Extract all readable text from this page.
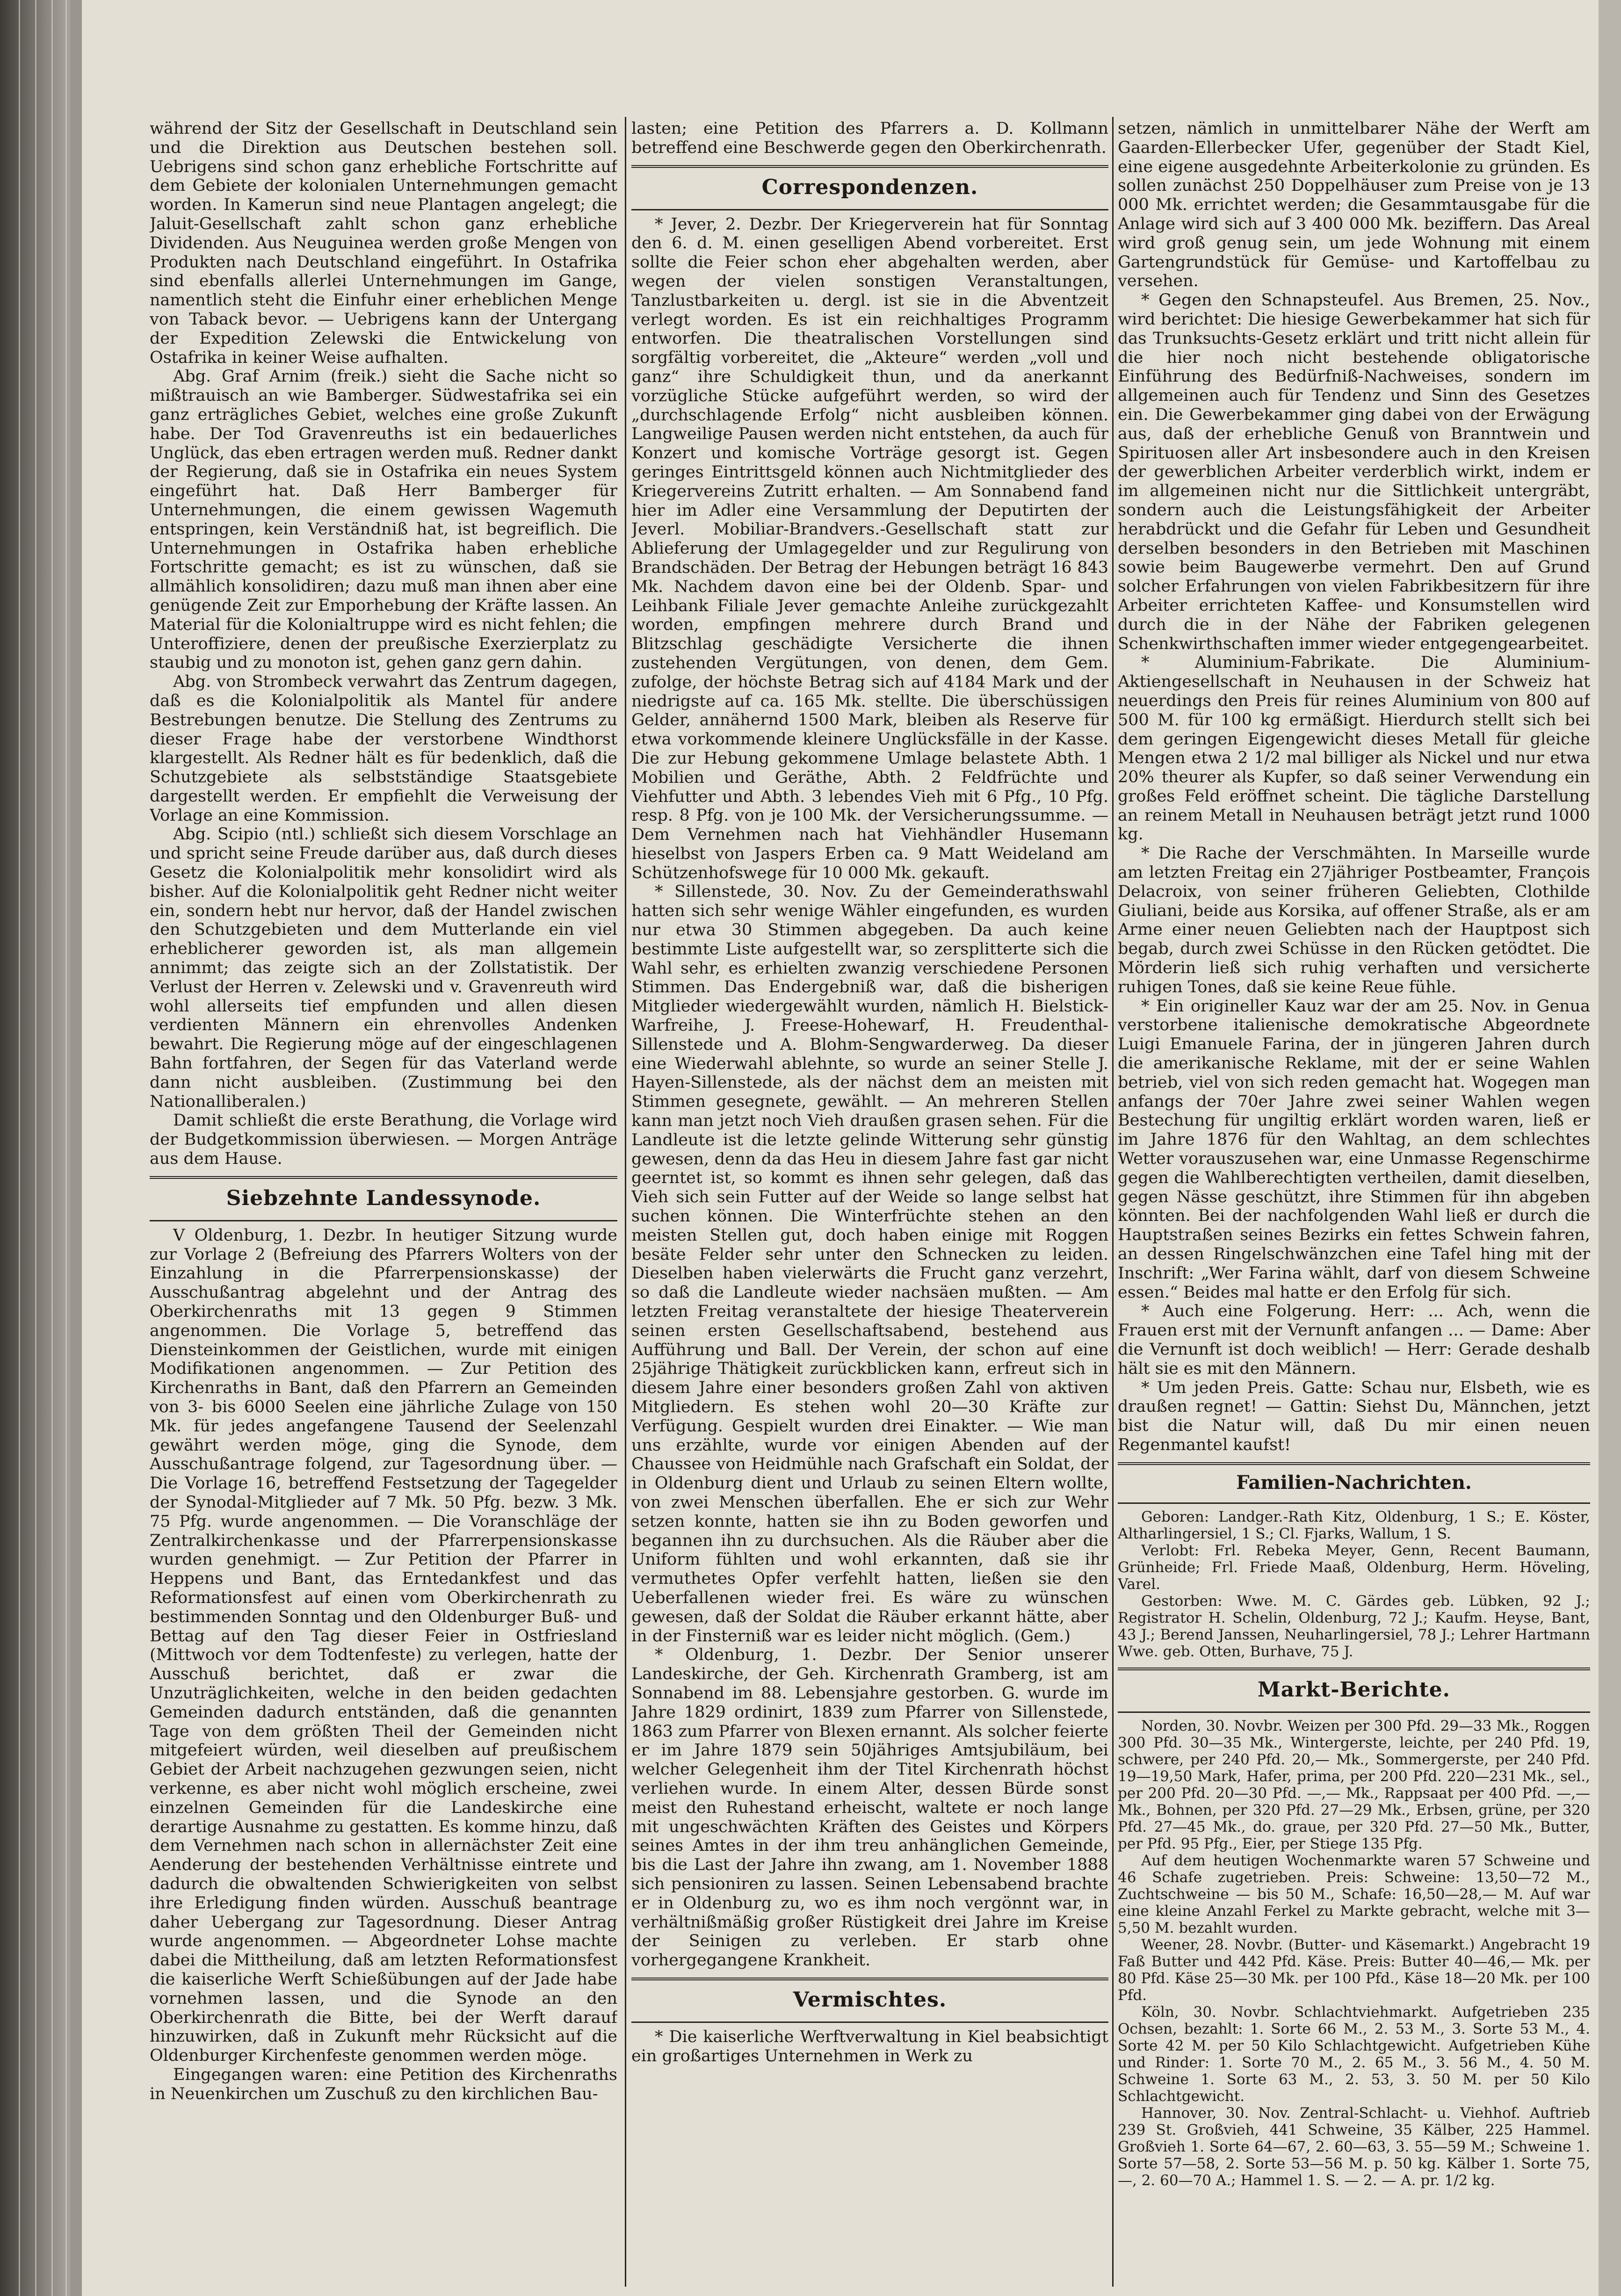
während der Sitz der Gesellschaft in Deutschland sein und die Direktion aus Deutschen bestehen soll. Uebrigens sind schon ganz erhebliche Fortschritte auf dem Gebiete der kolonialen Unternehmungen gemacht worden. In Kamerun sind neue Plantagen angelegt; die Jaluit-Gesellschaft zahlt schon ganz erhebliche Dividenden. Aus Neuguinea werden große Mengen von Produkten nach Deutschland eingeführt. In Ostafrika sind ebenfalls allerlei Unternehmungen im Gange, namentlich steht die Einfuhr einer erheblichen Menge von Taback bevor. — Uebrigens kann der Untergang der Expedition Zelewski die Entwickelung von Ostafrika in keiner Weise aufhalten.

Abg. Graf Arnim (freik.) sieht die Sache nicht so mißtrauisch an wie Bamberger. Südwestafrika sei ein ganz erträgliches Gebiet, welches eine große Zukunft habe. Der Tod Gravenreuths ist ein bedauerliches Unglück, das eben ertragen werden muß. Redner dankt der Regierung, daß sie in Ostafrika ein neues System eingeführt hat. Daß Herr Bamberger für Unternehmungen, die einem gewissen Wagemuth entspringen, kein Verständniß hat, ist begreiflich. Die Unternehmungen in Ostafrika haben erhebliche Fortschritte gemacht; es ist zu wünschen, daß sie allmählich konsolidiren; dazu muß man ihnen aber eine genügende Zeit zur Emporhebung der Kräfte lassen. An Material für die Kolonialtruppe wird es nicht fehlen; die Unteroffiziere, denen der preußische Exerzierplatz zu staubig und zu monoton ist, gehen ganz gern dahin.

Abg. von Strombeck verwahrt das Zentrum dagegen, daß es die Kolonialpolitik als Mantel für andere Bestrebungen benutze. Die Stellung des Zentrums zu dieser Frage habe der verstorbene Windthorst klargestellt. Als Redner hält es für bedenklich, daß die Schutzgebiete als selbstständige Staatsgebiete dargestellt werden. Er empfiehlt die Verweisung der Vorlage an eine Kommission.

Abg. Scipio (ntl.) schließt sich diesem Vorschlage an und spricht seine Freude darüber aus, daß durch dieses Gesetz die Kolonialpolitik mehr konsolidirt wird als bisher. Auf die Kolonialpolitik geht Redner nicht weiter ein, sondern hebt nur hervor, daß der Handel zwischen den Schutzgebieten und dem Mutterlande ein viel erheblicherer geworden ist, als man allgemein annimmt; das zeigte sich an der Zollstatistik. Der Verlust der Herren v. Zelewski und v. Gravenreuth wird wohl allerseits tief empfunden und allen diesen verdienten Männern ein ehrenvolles Andenken bewahrt. Die Regierung möge auf der eingeschlagenen Bahn fortfahren, der Segen für das Vaterland werde dann nicht ausbleiben. (Zustimmung bei den Nationalliberalen.)

Damit schließt die erste Berathung, die Vorlage wird der Budgetkommission überwiesen. — Morgen Anträge aus dem Hause.

Siebzehnte Landessynode.

V Oldenburg, 1. Dezbr. In heutiger Sitzung wurde zur Vorlage 2 (Befreiung des Pfarrers Wolters von der Einzahlung in die Pfarrerpensionskasse) der Ausschußantrag abgelehnt und der Antrag des Oberkirchenraths mit 13 gegen 9 Stimmen angenommen. Die Vorlage 5, betreffend das Diensteinkommen der Geistlichen, wurde mit einigen Modifikationen angenommen. — Zur Petition des Kirchenraths in Bant, daß den Pfarrern an Gemeinden von 3- bis 6000 Seelen eine jährliche Zulage von 150 Mk. für jedes angefangene Tausend der Seelenzahl gewährt werden möge, ging die Synode, dem Ausschußantrage folgend, zur Tagesordnung über. — Die Vorlage 16, betreffend Festsetzung der Tagegelder der Synodal-Mitglieder auf 7 Mk. 50 Pfg. bezw. 3 Mk. 75 Pfg. wurde angenommen. — Die Voranschläge der Zentralkirchenkasse und der Pfarrerpensionskasse wurden genehmigt. — Zur Petition der Pfarrer in Heppens und Bant, das Erntedankfest und das Reformationsfest auf einen vom Oberkirchenrath zu bestimmenden Sonntag und den Oldenburger Buß- und Bettag auf den Tag dieser Feier in Ostfriesland (Mittwoch vor dem Todtenfeste) zu verlegen, hatte der Ausschuß berichtet, daß er zwar die Unzuträglichkeiten, welche in den beiden gedachten Gemeinden dadurch entständen, daß die genannten Tage von dem größten Theil der Gemeinden nicht mitgefeiert würden, weil dieselben auf preußischem Gebiet der Arbeit nachzugehen gezwungen seien, nicht verkenne, es aber nicht wohl möglich erscheine, zwei einzelnen Gemeinden für die Landeskirche eine derartige Ausnahme zu gestatten. Es komme hinzu, daß dem Vernehmen nach schon in allernächster Zeit eine Aenderung der bestehenden Verhältnisse eintrete und dadurch die obwaltenden Schwierigkeiten von selbst ihre Erledigung finden würden. Ausschuß beantrage daher Uebergang zur Tagesordnung. Dieser Antrag wurde angenommen. — Abgeordneter Lohse machte dabei die Mittheilung, daß am letzten Reformationsfest die kaiserliche Werft Schießübungen auf der Jade habe vornehmen lassen, und die Synode an den Oberkirchenrath die Bitte, bei der Werft darauf hinzuwirken, daß in Zukunft mehr Rücksicht auf die Oldenburger Kirchenfeste genommen werden möge.

Eingegangen waren: eine Petition des Kirchenraths in Neuenkirchen um Zuschuß zu den kirchlichen Bau-

lasten; eine Petition des Pfarrers a. D. Kollmann betreffend eine Beschwerde gegen den Oberkirchenrath.

Correspondenzen.

* Jever, 2. Dezbr. Der Kriegerverein hat für Sonntag den 6. d. M. einen geselligen Abend vorbereitet. Erst sollte die Feier schon eher abgehalten werden, aber wegen der vielen sonstigen Veranstaltungen, Tanzlustbarkeiten u. dergl. ist sie in die Abventzeit verlegt worden. Es ist ein reichhaltiges Programm entworfen. Die theatralischen Vorstellungen sind sorgfältig vorbereitet, die „Akteure“ werden „voll und ganz“ ihre Schuldigkeit thun, und da anerkannt vorzügliche Stücke aufgeführt werden, so wird der „durchschlagende Erfolg“ nicht ausbleiben können. Langweilige Pausen werden nicht entstehen, da auch für Konzert und komische Vorträge gesorgt ist. Gegen geringes Eintrittsgeld können auch Nichtmitglieder des Kriegervereins Zutritt erhalten. — Am Sonnabend fand hier im Adler eine Versammlung der Deputirten der Jeverl. Mobiliar-Brandvers.-Gesellschaft statt zur Ablieferung der Umlagegelder und zur Regulirung von Brandschäden. Der Betrag der Hebungen beträgt 16 843 Mk. Nachdem davon eine bei der Oldenb. Spar- und Leihbank Filiale Jever gemachte Anleihe zurückgezahlt worden, empfingen mehrere durch Brand und Blitzschlag geschädigte Versicherte die ihnen zustehenden Vergütungen, von denen, dem Gem. zufolge, der höchste Betrag sich auf 4184 Mark und der niedrigste auf ca. 165 Mk. stellte. Die überschüssigen Gelder, annähernd 1500 Mark, bleiben als Reserve für etwa vorkommende kleinere Unglücksfälle in der Kasse. Die zur Hebung gekommene Umlage belastete Abth. 1 Mobilien und Geräthe, Abth. 2 Feldfrüchte und Viehfutter und Abth. 3 lebendes Vieh mit 6 Pfg., 10 Pfg. resp. 8 Pfg. von je 100 Mk. der Versicherungssumme. — Dem Vernehmen nach hat Viehhändler Husemann hieselbst von Jaspers Erben ca. 9 Matt Weideland am Schützenhofswege für 10 000 Mk. gekauft.

* Sillenstede, 30. Nov. Zu der Gemeinderathswahl hatten sich sehr wenige Wähler eingefunden, es wurden nur etwa 30 Stimmen abgegeben. Da auch keine bestimmte Liste aufgestellt war, so zersplitterte sich die Wahl sehr, es erhielten zwanzig verschiedene Personen Stimmen. Das Endergebniß war, daß die bisherigen Mitglieder wiedergewählt wurden, nämlich H. Bielstick-Warfreihe, J. Freese-Hohewarf, H. Freudenthal-Sillenstede und A. Blohm-Sengwarderweg. Da dieser eine Wiederwahl ablehnte, so wurde an seiner Stelle J. Hayen-Sillenstede, als der nächst dem an meisten mit Stimmen gesegnete, gewählt. — An mehreren Stellen kann man jetzt noch Vieh draußen grasen sehen. Für die Landleute ist die letzte gelinde Witterung sehr günstig gewesen, denn da das Heu in diesem Jahre fast gar nicht geerntet ist, so kommt es ihnen sehr gelegen, daß das Vieh sich sein Futter auf der Weide so lange selbst hat suchen können. Die Winterfrüchte stehen an den meisten Stellen gut, doch haben einige mit Roggen besäte Felder sehr unter den Schnecken zu leiden. Dieselben haben vielerwärts die Frucht ganz verzehrt, so daß die Landleute wieder nachsäen mußten. — Am letzten Freitag veranstaltete der hiesige Theaterverein seinen ersten Gesellschaftsabend, bestehend aus Aufführung und Ball. Der Verein, der schon auf eine 25jährige Thätigkeit zurückblicken kann, erfreut sich in diesem Jahre einer besonders großen Zahl von aktiven Mitgliedern. Es stehen wohl 20—30 Kräfte zur Verfügung. Gespielt wurden drei Einakter. — Wie man uns erzählte, wurde vor einigen Abenden auf der Chaussee von Heidmühle nach Grafschaft ein Soldat, der in Oldenburg dient und Urlaub zu seinen Eltern wollte, von zwei Menschen überfallen. Ehe er sich zur Wehr setzen konnte, hatten sie ihn zu Boden geworfen und begannen ihn zu durchsuchen. Als die Räuber aber die Uniform fühlten und wohl erkannten, daß sie ihr vermuthetes Opfer verfehlt hatten, ließen sie den Ueberfallenen wieder frei. Es wäre zu wünschen gewesen, daß der Soldat die Räuber erkannt hätte, aber in der Finsterniß war es leider nicht möglich. (Gem.)

* Oldenburg, 1. Dezbr. Der Senior unserer Landeskirche, der Geh. Kirchenrath Gramberg, ist am Sonnabend im 88. Lebensjahre gestorben. G. wurde im Jahre 1829 ordinirt, 1839 zum Pfarrer von Sillenstede, 1863 zum Pfarrer von Blexen ernannt. Als solcher feierte er im Jahre 1879 sein 50jähriges Amtsjubiläum, bei welcher Gelegenheit ihm der Titel Kirchenrath höchst verliehen wurde. In einem Alter, dessen Bürde sonst meist den Ruhestand erheischt, waltete er noch lange mit ungeschwächten Kräften des Geistes und Körpers seines Amtes in der ihm treu anhänglichen Gemeinde, bis die Last der Jahre ihn zwang, am 1. November 1888 sich pensioniren zu lassen. Seinen Lebensabend brachte er in Oldenburg zu, wo es ihm noch vergönnt war, in verhältnißmäßig großer Rüstigkeit drei Jahre im Kreise der Seinigen zu verleben. Er starb ohne vorhergegangene Krankheit.

Vermischtes.

* Die kaiserliche Werftverwaltung in Kiel beabsichtigt ein großartiges Unternehmen in Werk zu

setzen, nämlich in unmittelbarer Nähe der Werft am Gaarden-Ellerbecker Ufer, gegenüber der Stadt Kiel, eine eigene ausgedehnte Arbeiterkolonie zu gründen. Es sollen zunächst 250 Doppelhäuser zum Preise von je 13 000 Mk. errichtet werden; die Gesammtausgabe für die Anlage wird sich auf 3 400 000 Mk. beziffern. Das Areal wird groß genug sein, um jede Wohnung mit einem Gartengrundstück für Gemüse- und Kartoffelbau zu versehen.

* Gegen den Schnapsteufel. Aus Bremen, 25. Nov., wird berichtet: Die hiesige Gewerbekammer hat sich für das Trunksuchts-Gesetz erklärt und tritt nicht allein für die hier noch nicht bestehende obligatorische Einführung des Bedürfniß-Nachweises, sondern im allgemeinen auch für Tendenz und Sinn des Gesetzes ein. Die Gewerbekammer ging dabei von der Erwägung aus, daß der erhebliche Genuß von Branntwein und Spirituosen aller Art insbesondere auch in den Kreisen der gewerblichen Arbeiter verderblich wirkt, indem er im allgemeinen nicht nur die Sittlichkeit untergräbt, sondern auch die Leistungsfähigkeit der Arbeiter herabdrückt und die Gefahr für Leben und Gesundheit derselben besonders in den Betrieben mit Maschinen sowie beim Baugewerbe vermehrt. Den auf Grund solcher Erfahrungen von vielen Fabrikbesitzern für ihre Arbeiter errichteten Kaffee- und Konsumstellen wird durch die in der Nähe der Fabriken gelegenen Schenkwirthschaften immer wieder entgegengearbeitet.

* Aluminium-Fabrikate. Die Aluminium-Aktiengesellschaft in Neuhausen in der Schweiz hat neuerdings den Preis für reines Aluminium von 800 auf 500 M. für 100 kg ermäßigt. Hierdurch stellt sich bei dem geringen Eigengewicht dieses Metall für gleiche Mengen etwa 2 1/2 mal billiger als Nickel und nur etwa 20% theurer als Kupfer, so daß seiner Verwendung ein großes Feld eröffnet scheint. Die tägliche Darstellung an reinem Metall in Neuhausen beträgt jetzt rund 1000 kg.

* Die Rache der Verschmähten. In Marseille wurde am letzten Freitag ein 27jähriger Postbeamter, François Delacroix, von seiner früheren Geliebten, Clothilde Giuliani, beide aus Korsika, auf offener Straße, als er am Arme einer neuen Geliebten nach der Hauptpost sich begab, durch zwei Schüsse in den Rücken getödtet. Die Mörderin ließ sich ruhig verhaften und versicherte ruhigen Tones, daß sie keine Reue fühle.

* Ein origineller Kauz war der am 25. Nov. in Genua verstorbene italienische demokratische Abgeordnete Luigi Emanuele Farina, der in jüngeren Jahren durch die amerikanische Reklame, mit der er seine Wahlen betrieb, viel von sich reden gemacht hat. Wogegen man anfangs der 70er Jahre zwei seiner Wahlen wegen Bestechung für ungiltig erklärt worden waren, ließ er im Jahre 1876 für den Wahltag, an dem schlechtes Wetter vorauszusehen war, eine Unmasse Regenschirme gegen die Wahlberechtigten vertheilen, damit dieselben, gegen Nässe geschützt, ihre Stimmen für ihn abgeben könnten. Bei der nachfolgenden Wahl ließ er durch die Hauptstraßen seines Bezirks ein fettes Schwein fahren, an dessen Ringelschwänzchen eine Tafel hing mit der Inschrift: „Wer Farina wählt, darf von diesem Schweine essen.“ Beides mal hatte er den Erfolg für sich.

* Auch eine Folgerung. Herr: ... Ach, wenn die Frauen erst mit der Vernunft anfangen ... — Dame: Aber die Vernunft ist doch weiblich! — Herr: Gerade deshalb hält sie es mit den Männern.

* Um jeden Preis. Gatte: Schau nur, Elsbeth, wie es draußen regnet! — Gattin: Siehst Du, Männchen, jetzt bist die Natur will, daß Du mir einen neuen Regenmantel kaufst!

Familien-Nachrichten.

Geboren: Landger.-Rath Kitz, Oldenburg, 1 S.; E. Köster, Altharlingersiel, 1 S.; Cl. Fjarks, Wallum, 1 S.

Verlobt: Frl. Rebeka Meyer, Genn, Recent Baumann, Grünheide; Frl. Friede Maaß, Oldenburg, Herm. Höveling, Varel.

Gestorben: Wwe. M. C. Gärdes geb. Lübken, 92 J.; Registrator H. Schelin, Oldenburg, 72 J.; Kaufm. Heyse, Bant, 43 J.; Berend Janssen, Neuharlingersiel, 78 J.; Lehrer Hartmann Wwe. geb. Otten, Burhave, 75 J.

Markt-Berichte.

Norden, 30. Novbr. Weizen per 300 Pfd. 29—33 Mk., Roggen 300 Pfd. 30—35 Mk., Wintergerste, leichte, per 240 Pfd. 19, schwere, per 240 Pfd. 20,— Mk., Sommergerste, per 240 Pfd. 19—19,50 Mark, Hafer, prima, per 200 Pfd. 220—231 Mk., sel., per 200 Pfd. 20—30 Pfd. —,— Mk., Rappsaat per 400 Pfd. —,— Mk., Bohnen, per 320 Pfd. 27—29 Mk., Erbsen, grüne, per 320 Pfd. 27—45 Mk., do. graue, per 320 Pfd. 27—50 Mk., Butter, per Pfd. 95 Pfg., Eier, per Stiege 135 Pfg.

Auf dem heutigen Wochenmarkte waren 57 Schweine und 46 Schafe zugetrieben. Preis: Schweine: 13,50—72 M., Zuchtschweine — bis 50 M., Schafe: 16,50—28,— M. Auf war eine kleine Anzahl Ferkel zu Markte gebracht, welche mit 3—5,50 M. bezahlt wurden.

Weener, 28. Novbr. (Butter- und Käsemarkt.) Angebracht 19 Faß Butter und 442 Pfd. Käse. Preis: Butter 40—46,— Mk. per 80 Pfd. Käse 25—30 Mk. per 100 Pfd., Käse 18—20 Mk. per 100 Pfd.

Köln, 30. Novbr. Schlachtviehmarkt. Aufgetrieben 235 Ochsen, bezahlt: 1. Sorte 66 M., 2. 53 M., 3. Sorte 53 M., 4. Sorte 42 M. per 50 Kilo Schlachtgewicht. Aufgetrieben Kühe und Rinder: 1. Sorte 70 M., 2. 65 M., 3. 56 M., 4. 50 M. Schweine 1. Sorte 63 M., 2. 53, 3. 50 M. per 50 Kilo Schlachtgewicht.

Hannover, 30. Nov. Zentral-Schlacht- u. Viehhof. Auftrieb 239 St. Großvieh, 441 Schweine, 35 Kälber, 225 Hammel. Großvieh 1. Sorte 64—67, 2. 60—63, 3. 55—59 M.; Schweine 1. Sorte 57—58, 2. Sorte 53—56 M. p. 50 kg. Kälber 1. Sorte 75,—, 2. 60—70 A.; Hammel 1. S. — 2. — A. pr. 1/2 kg.
